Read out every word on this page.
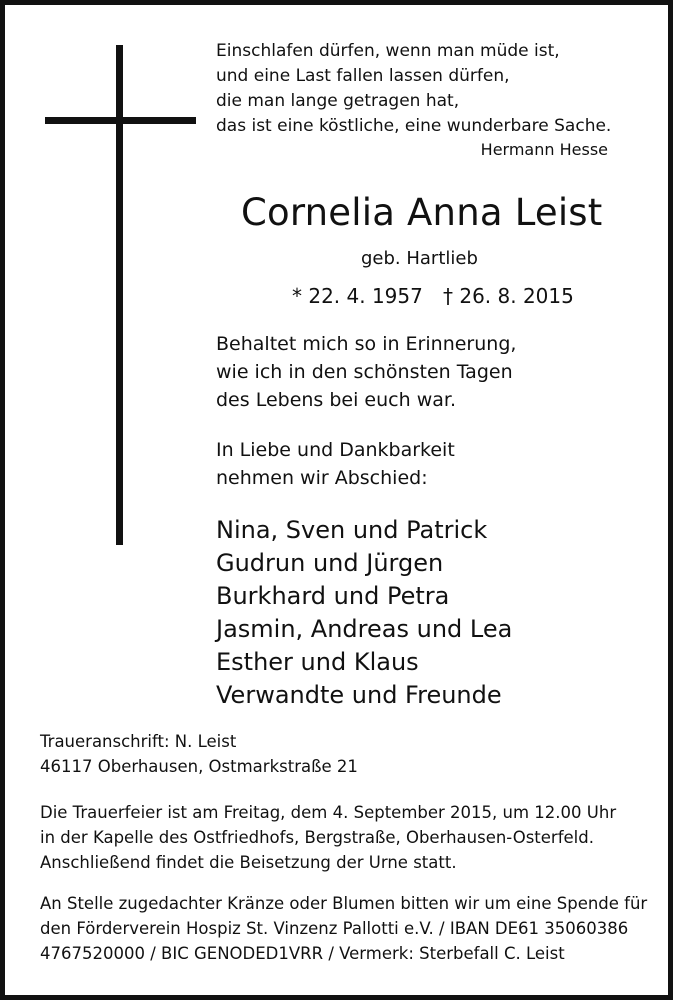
Einschlafen dürfen, wenn man müde ist,
und eine Last fallen lassen dürfen,
die man lange getragen hat,
das ist eine köstliche, eine wunderbare Sache.
Hermann Hesse
Cornelia Anna Leist
geb. Hartlieb
* 22. 4. 1957 † 26. 8. 2015
Behaltet mich so in Erinnerung,
wie ich in den schönsten Tagen
des Lebens bei euch war.
In Liebe und Dankbarkeit
nehmen wir Abschied:
Nina, Sven und Patrick
Gudrun und Jürgen
Burkhard und Petra
Jasmin, Andreas und Lea
Esther und Klaus
Verwandte und Freunde
Traueranschrift: N. Leist
46117 Oberhausen, Ostmarkstraße 21
Die Trauerfeier ist am Freitag, dem 4. September 2015, um 12.00 Uhr
in der Kapelle des Ostfriedhofs, Bergstraße, Oberhausen-Osterfeld.
Anschließend findet die Beisetzung der Urne statt.
An Stelle zugedachter Kränze oder Blumen bitten wir um eine Spende für
den Förderverein Hospiz St. Vinzenz Pallotti e.V. / IBAN DE61 35060386
4767520000 / BIC GENODED1VRR / Vermerk: Sterbefall C. Leist
